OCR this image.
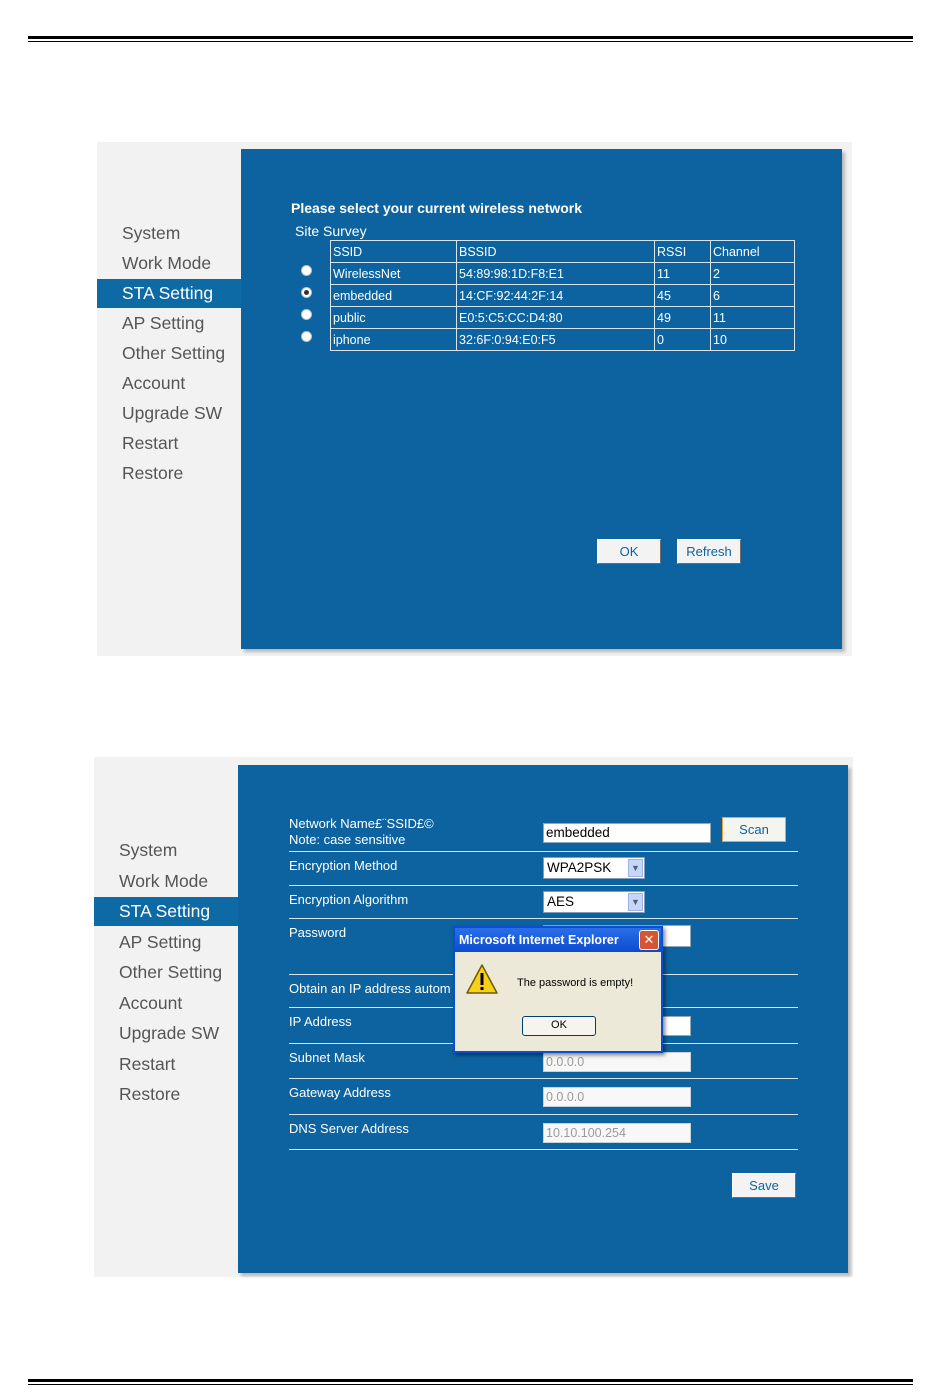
System
Work Mode
STA Setting
AP Setting
Other Setting
Account
Upgrade SW
Restart
Restore
Please select your current wireless network
Site Survey
SSID	BSSID	RSSI	Channel
WirelessNet	54:89:98:1D:F8:E1	11	2
embedded	14:CF:92:44:2F:14	45	6
public	E0:5:C5:CC:D4:80	49	11
iphone	32:6F:0:94:E0:F5	0	10
OK	Refresh
System
Work Mode
STA Setting
AP Setting
Other Setting
Account
Upgrade SW
Restart
Restore
Network Name£¨SSID£©
Note: case sensitive	embedded	Scan
Encryption Method	WPA2PSK	▼
Encryption Algorithm	AES	▼
Password
Obtain an IP address autom
IP Address
Subnet Mask	0.0.0.0
Gateway Address	0.0.0.0
DNS Server Address	10.10.100.254
Save
Microsoft Internet Explorer	✕
The password is empty!
OK
